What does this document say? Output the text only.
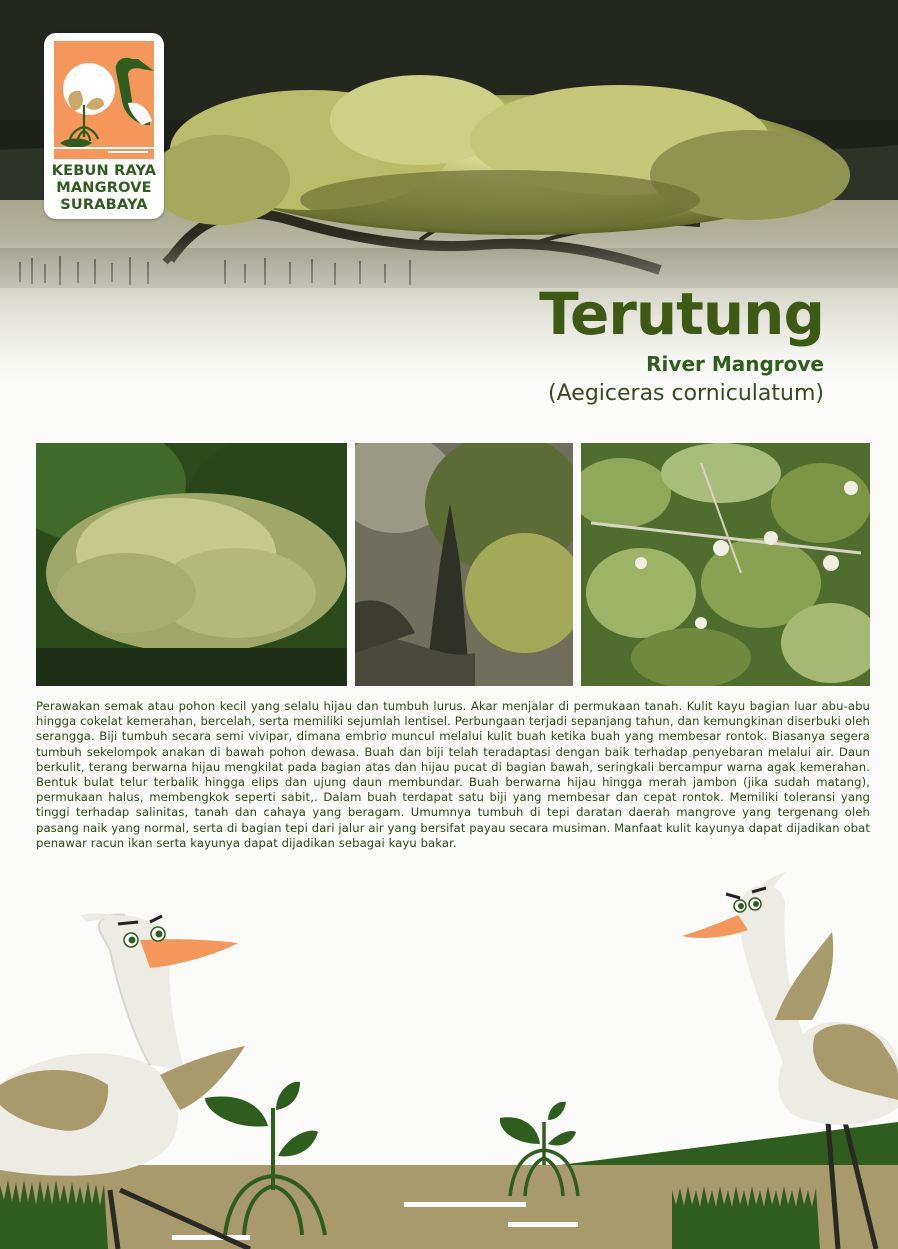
KEBUN RAYA
MANGROVE
SURABAYA
Terutung
River Mangrove
(Aegiceras corniculatum)
Perawakan semak atau pohon kecil yang selalu hijau dan tumbuh lurus. Akar menjalar di permukaan tanah. Kulit kayu bagian luar abu-abu hingga cokelat kemerahan, bercelah, serta memiliki sejumlah lentisel. Perbungaan terjadi sepanjang tahun, dan kemungkinan diserbuki oleh serangga. Biji tumbuh secara semi vivipar, dimana embrio muncul melalui kulit buah ketika buah yang membesar rontok. Biasanya segera tumbuh sekelompok anakan di bawah pohon dewasa. Buah dan biji telah teradaptasi dengan baik terhadap penyebaran melalui air. Daun berkulit, terang berwarna hijau mengkilat pada bagian atas dan hijau pucat di bagian bawah, seringkali bercampur warna agak kemerahan. Bentuk bulat telur terbalik hingga elips dan ujung daun membundar. Buah berwarna hijau hingga merah jambon (jika sudah matang), permukaan halus, membengkok seperti sabit,. Dalam buah terdapat satu biji yang membesar dan cepat rontok. Memiliki toleransi yang tinggi terhadap salinitas, tanah dan cahaya yang beragam. Umumnya tumbuh di tepi daratan daerah mangrove yang tergenang oleh pasang naik yang normal, serta di bagian tepi dari jalur air yang bersifat payau secara musiman. Manfaat kulit kayunya dapat dijadikan obat penawar racun ikan serta kayunya dapat dijadikan sebagai kayu bakar.
